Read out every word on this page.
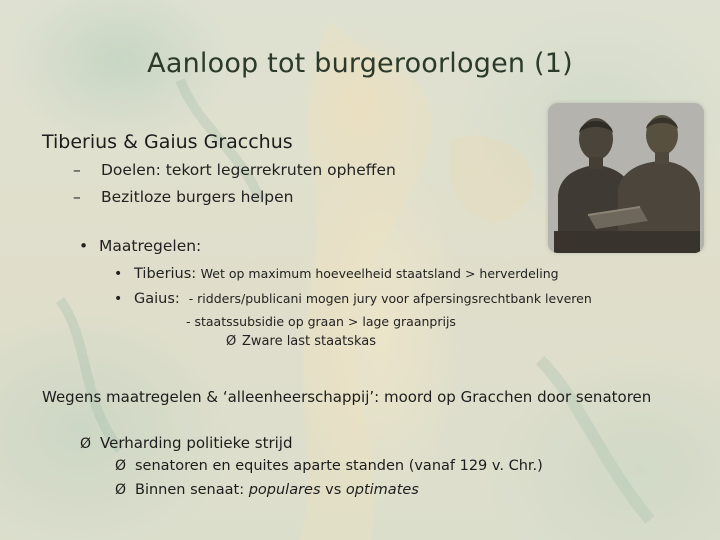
Aanloop tot burgeroorlogen (1)
Tiberius & Gaius Gracchus
– Doelen: tekort legerrekruten opheffen
– Bezitloze burgers helpen
• Maatregelen:
• Tiberius: Wet op maximum hoeveelheid staatsland > herverdeling
• Gaius: - ridders/publicani mogen jury voor afpersingsrechtbank leveren
- staatssubsidie op graan > lage graanprijs
Ø Zware last staatskas
Wegens maatregelen & ‘alleenheerschappij’: moord op Gracchen door senatoren
Ø Verharding politieke strijd
Ø senatoren en equites aparte standen (vanaf 129 v. Chr.)
Ø Binnen senaat: populares vs optimates
